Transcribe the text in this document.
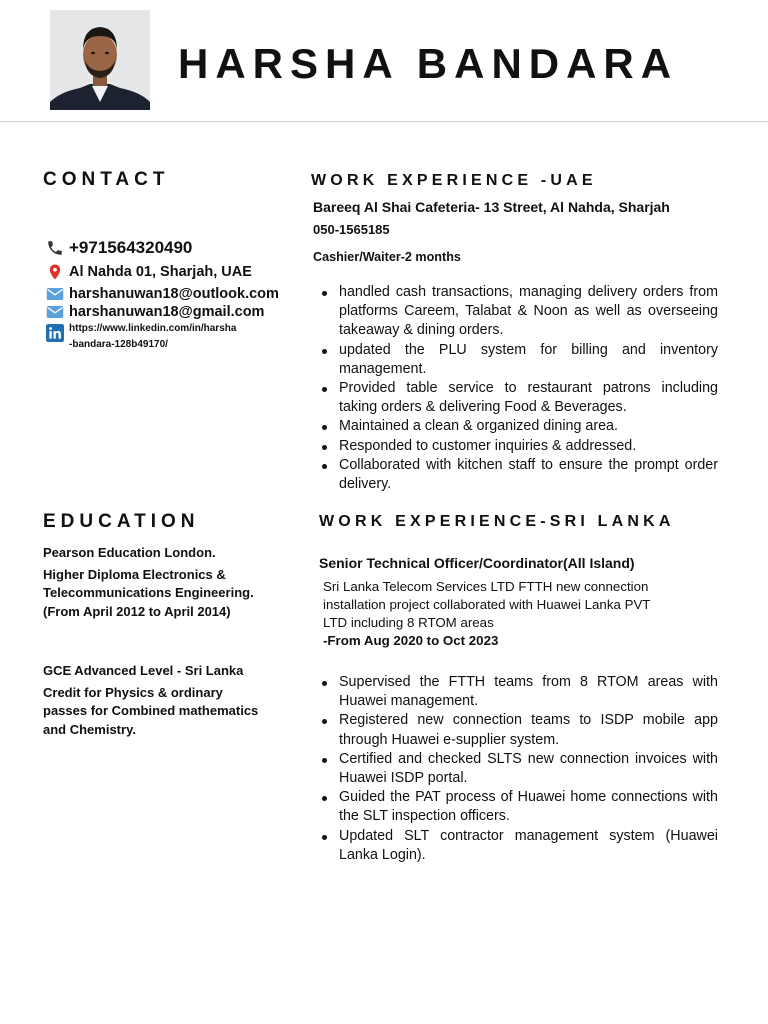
HARSHA BANDARA
CONTACT
+971564320490
Al Nahda 01, Sharjah, UAE
harshanuwan18@outlook.com
harshanuwan18@gmail.com
https://www.linkedin.com/in/harsha
-bandara-128b49170/
WORK EXPERIENCE -UAE
Bareeq Al Shai Cafeteria- 13 Street, Al Nahda, Sharjah
050-1565185
Cashier/Waiter-2 months
handled cash transactions, managing delivery orders from platforms Careem, Talabat & Noon as well as overseeing takeaway & dining orders.
updated the PLU system for billing and inventory management.
Provided table service to restaurant patrons including taking orders & delivering Food & Beverages.
Maintained a clean & organized dining area.
Responded to customer inquiries & addressed.
Collaborated with kitchen staff to ensure the prompt order delivery.
EDUCATION
Pearson Education London.
Higher Diploma Electronics &
Telecommunications Engineering.
(From April 2012 to April 2014)
GCE Advanced Level - Sri Lanka
Credit for Physics & ordinary
passes for Combined mathematics
and Chemistry.
WORK EXPERIENCE-SRI LANKA
Senior Technical Officer/Coordinator(All Island)
Sri Lanka Telecom Services LTD FTTH new connection
installation project collaborated with Huawei Lanka PVT
LTD including 8 RTOM areas
-From Aug 2020 to Oct 2023
Supervised the FTTH teams from 8 RTOM areas with Huawei management.
Registered new connection teams to ISDP mobile app through Huawei e-supplier system.
Certified and checked SLTS new connection invoices with Huawei ISDP portal.
Guided the PAT process of Huawei home connections with the SLT inspection officers.
Updated SLT contractor management system (Huawei Lanka Login).
